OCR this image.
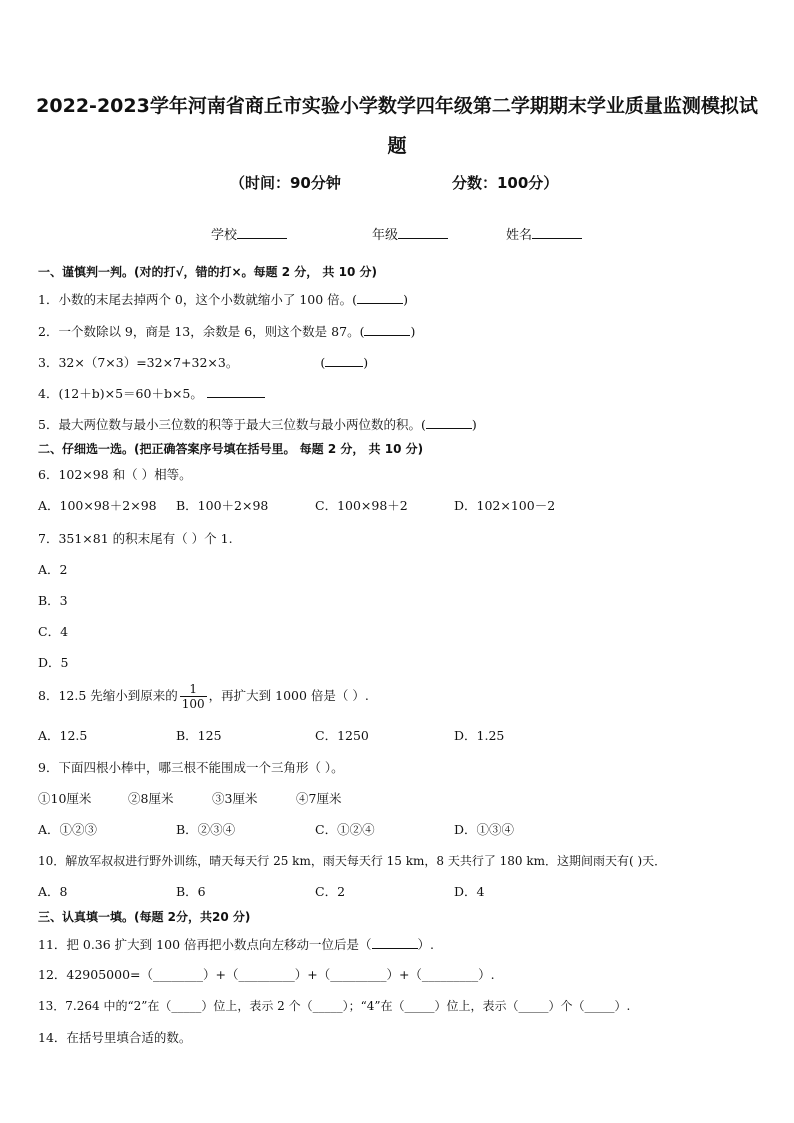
2022-2023学年河南省商丘市实验小学数学四年级第二学期期末学业质量监测模拟试
题
（时间：90分钟	分数：100分）
学校	年级	姓名
一、谨慎判一判。(对的打√，错的打×。每题 2 分， 共 10 分)
1．小数的末尾去掉两个 0，这个小数就缩小了 100 倍。(	)
2．一个数除以 9，商是 13，余数是 6，则这个数是 87。(	)
3．32×（7×3）=32×7+32×3。	(	)
4．(12＋b)×5＝60＋b×5。
5．最大两位数与最小三位数的积等于最大三位数与最小两位数的积。(	)
二、仔细选一选。(把正确答案序号填在括号里。 每题 2 分， 共 10 分)
6．102×98 和（ ）相等。
A．100×98＋2×98 B．100＋2×98	C．100×98＋2	D．102×100－2
7．351×81 的积末尾有（ ）个 1.
A．2
B．3
C．4
D．5
8．12.5 先缩小到原来的 $\frac{1}{100}$ ，再扩大到 1000 倍是（ ）.
A．12.5	B．125	C．1250	D．1.25
9．下面四根小棒中，哪三根不能围成一个三角形（ ）。
①10厘米	②8厘米	③3厘米	④7厘米
A．①②③	B．②③④	C．①②④	D．①③④
10．解放军叔叔进行野外训练，晴天每天行 25 km，雨天每天行 15 km，8 天共行了 180 km．这期间雨天有( )天．
A．8	B．6	C．2	D．4
三、认真填一填。(每题 2分，共20 分)
11．把 0.36 扩大到 100 倍再把小数点向左移动一位后是（	）.
12．42905000=（________）+（_________）+（_________）+（_________）.
13．7.264 中的“2”在（_____）位上，表示 2 个（_____）；“4”在（_____）位上，表示（_____）个（_____）.
14．在括号里填合适的数。
